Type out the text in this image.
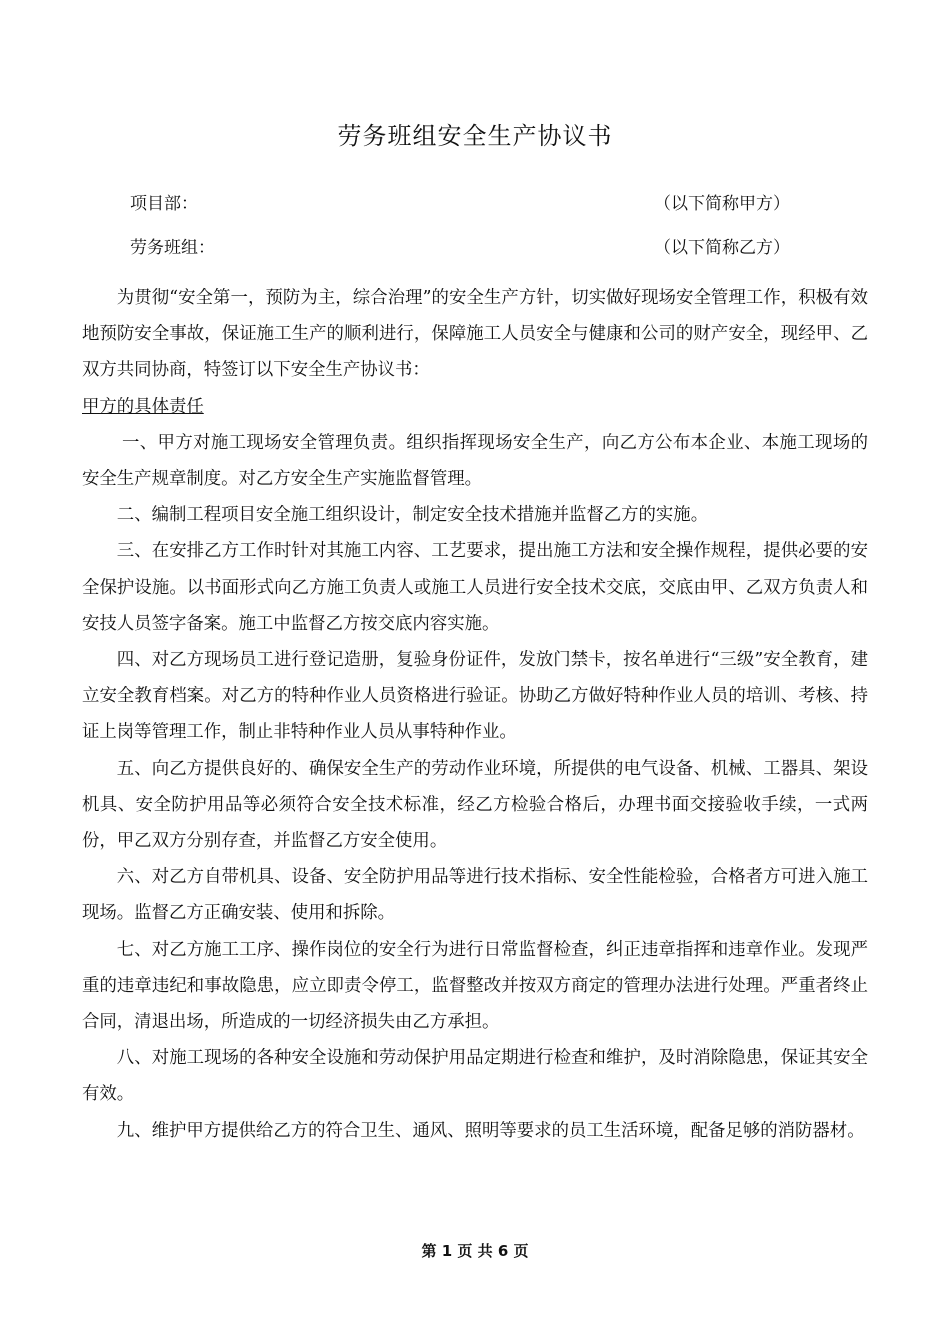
劳务班组安全生产协议书
项目部：	（以下简称甲方）
劳务班组：	（以下简称乙方）

为贯彻“安全第一，预防为主，综合治理”的安全生产方针，切实做好现场安全管理工作，积极有效地预防安全事故，保证施工生产的顺利进行，保障施工人员安全与健康和公司的财产安全，现经甲、乙双方共同协商，特签订以下安全生产协议书：

甲方的具体责任

一、甲方对施工现场安全管理负责。组织指挥现场安全生产，向乙方公布本企业、本施工现场的安全生产规章制度。对乙方安全生产实施监督管理。

二、编制工程项目安全施工组织设计，制定安全技术措施并监督乙方的实施。

三、在安排乙方工作时针对其施工内容、工艺要求，提出施工方法和安全操作规程，提供必要的安全保护设施。以书面形式向乙方施工负责人或施工人员进行安全技术交底，交底由甲、乙双方负责人和安技人员签字备案。施工中监督乙方按交底内容实施。

四、对乙方现场员工进行登记造册，复验身份证件，发放门禁卡，按名单进行“三级”安全教育，建立安全教育档案。对乙方的特种作业人员资格进行验证。协助乙方做好特种作业人员的培训、考核、持证上岗等管理工作，制止非特种作业人员从事特种作业。

五、向乙方提供良好的、确保安全生产的劳动作业环境，所提供的电气设备、机械、工器具、架设机具、安全防护用品等必须符合安全技术标准，经乙方检验合格后，办理书面交接验收手续，一式两份，甲乙双方分别存查，并监督乙方安全使用。

六、对乙方自带机具、设备、安全防护用品等进行技术指标、安全性能检验，合格者方可进入施工现场。监督乙方正确安装、使用和拆除。

七、对乙方施工工序、操作岗位的安全行为进行日常监督检查，纠正违章指挥和违章作业。发现严重的违章违纪和事故隐患，应立即责令停工，监督整改并按双方商定的管理办法进行处理。严重者终止合同，清退出场，所造成的一切经济损失由乙方承担。

八、对施工现场的各种安全设施和劳动保护用品定期进行检查和维护，及时消除隐患，保证其安全有效。

九、维护甲方提供给乙方的符合卫生、通风、照明等要求的员工生活环境，配备足够的消防器材。

第 1 页 共 6 页
